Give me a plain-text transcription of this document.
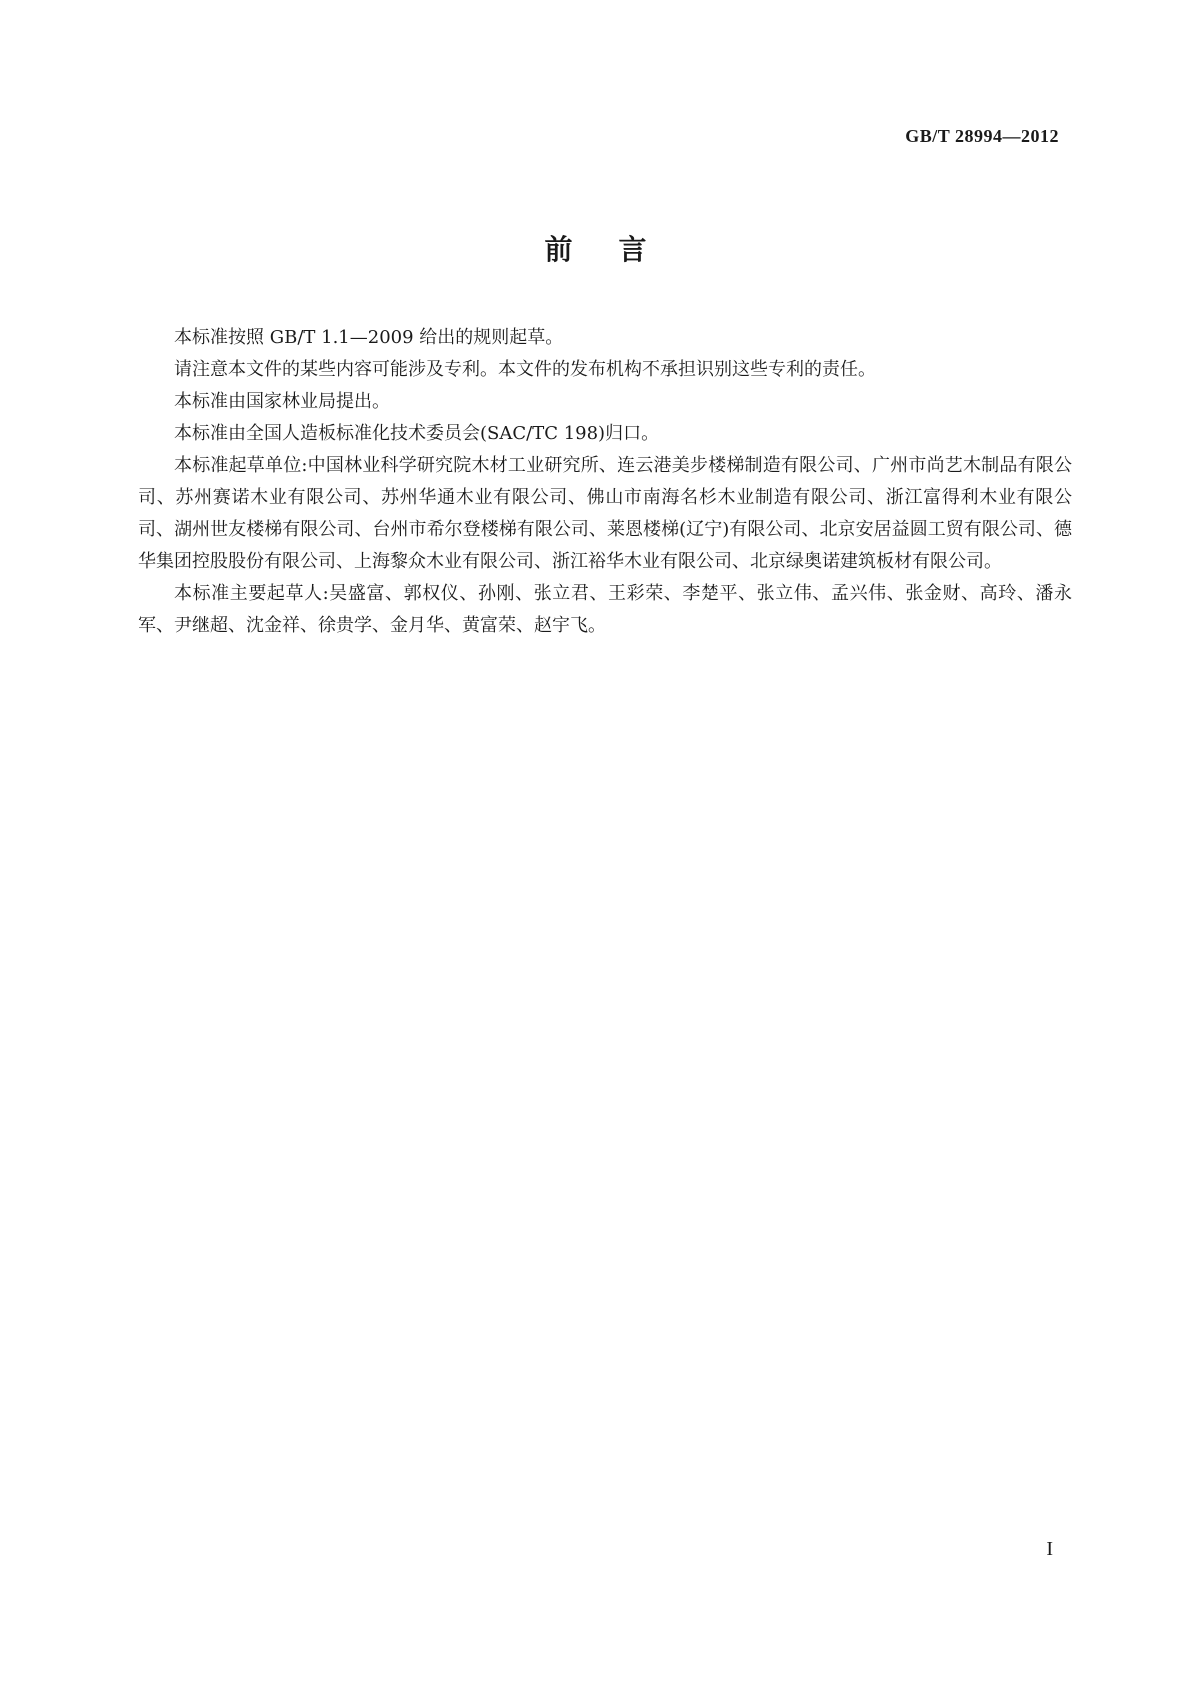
GB/T 28994—2012
前言

本标准按照 GB/T 1.1—2009 给出的规则起草。

请注意本文件的某些内容可能涉及专利。本文件的发布机构不承担识别这些专利的责任。

本标准由国家林业局提出。

本标准由全国人造板标准化技术委员会(SAC/TC 198)归口。

本标准起草单位:中国林业科学研究院木材工业研究所、连云港美步楼梯制造有限公司、广州市尚艺木制品有限公司、苏州赛诺木业有限公司、苏州华通木业有限公司、佛山市南海名杉木业制造有限公司、浙江富得利木业有限公司、湖州世友楼梯有限公司、台州市希尔登楼梯有限公司、莱恩楼梯(辽宁)有限公司、北京安居益圆工贸有限公司、德华集团控股股份有限公司、上海黎众木业有限公司、浙江裕华木业有限公司、北京绿奥诺建筑板材有限公司。

本标准主要起草人:吴盛富、郭权仪、孙刚、张立君、王彩荣、李楚平、张立伟、孟兴伟、张金财、高玲、潘永军、尹继超、沈金祥、徐贵学、金月华、黄富荣、赵宇飞。

I
